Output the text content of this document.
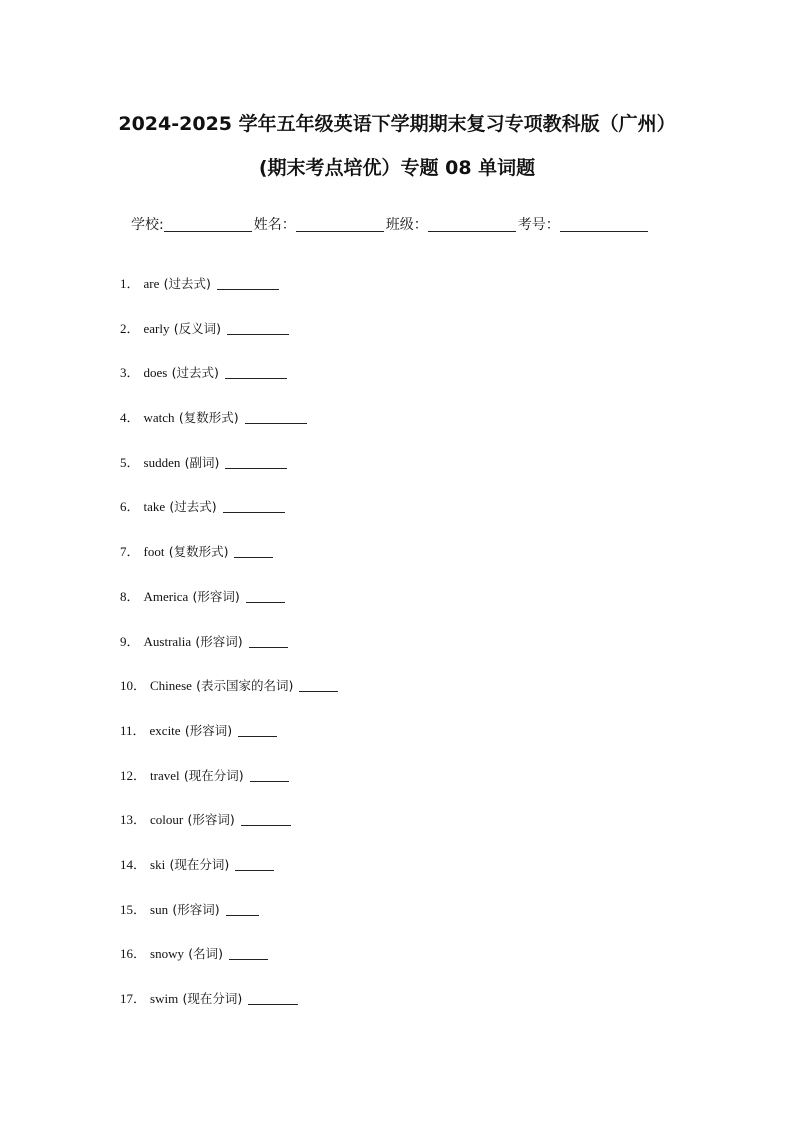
2024-2025 学年五年级英语下学期期末复习专项教科版（广州）
(期末考点培优）专题 08 单词题
学校:	姓名：	班级：	考号：
1． are (过去式)
2． early (反义词)
3． does (过去式)
4． watch (复数形式)
5． sudden (副词)
6． take (过去式)
7． foot (复数形式)
8． America (形容词)
9． Australia (形容词)
10． Chinese (表示国家的名词)
11． excite (形容词)
12． travel (现在分词)
13． colour (形容词)
14． ski (现在分词)
15． sun (形容词)
16． snowy (名词)
17． swim (现在分词)
